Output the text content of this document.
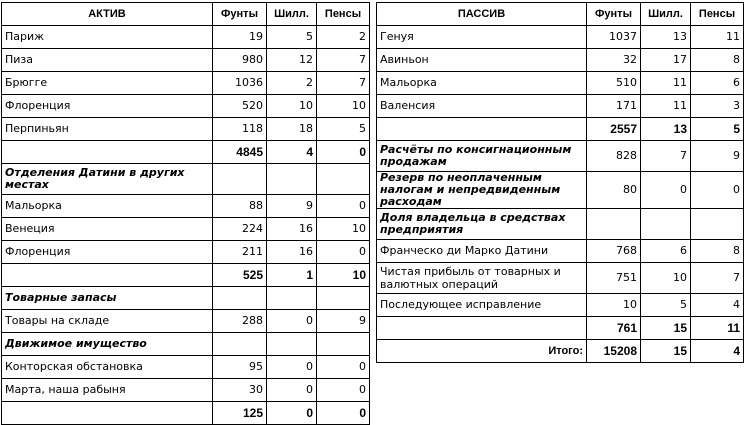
АКТИВ	Фунты	Шилл.	Пенсы
Париж	19	5	2
Пиза	980	12	7
Брюгге	1036	2	7
Флоренция	520	10	10
Перпиньян	118	18	5
	4845	4	0
Отделения Датини в других местах			
Мальорка	88	9	0
Венеция	224	16	10
Флоренция	211	16	0
	525	1	10
Товарные запасы			
Товары на складе	288	0	9
Движимое имущество			
Конторская обстановка	95	0	0
Марта, наша рабыня	30	0	0
	125	0	0
ПАССИВ	Фунты	Шилл.	Пенсы
Генуя	1037	13	11
Авиньон	32	17	8
Мальорка	510	11	6
Валенсия	171	11	3
	2557	13	5
Расчёты по консигнационным продажам	828	7	9
Резерв по неоплаченным налогам и непредвиденным расходам	80	0	0
Доля владельца в средствах предприятия			
Франческо ди Марко Датини	768	6	8
Чистая прибыль от товарных и валютных операций	751	10	7
Последующее исправление	10	5	4
	761	15	11
Итого:	15208	15	4
